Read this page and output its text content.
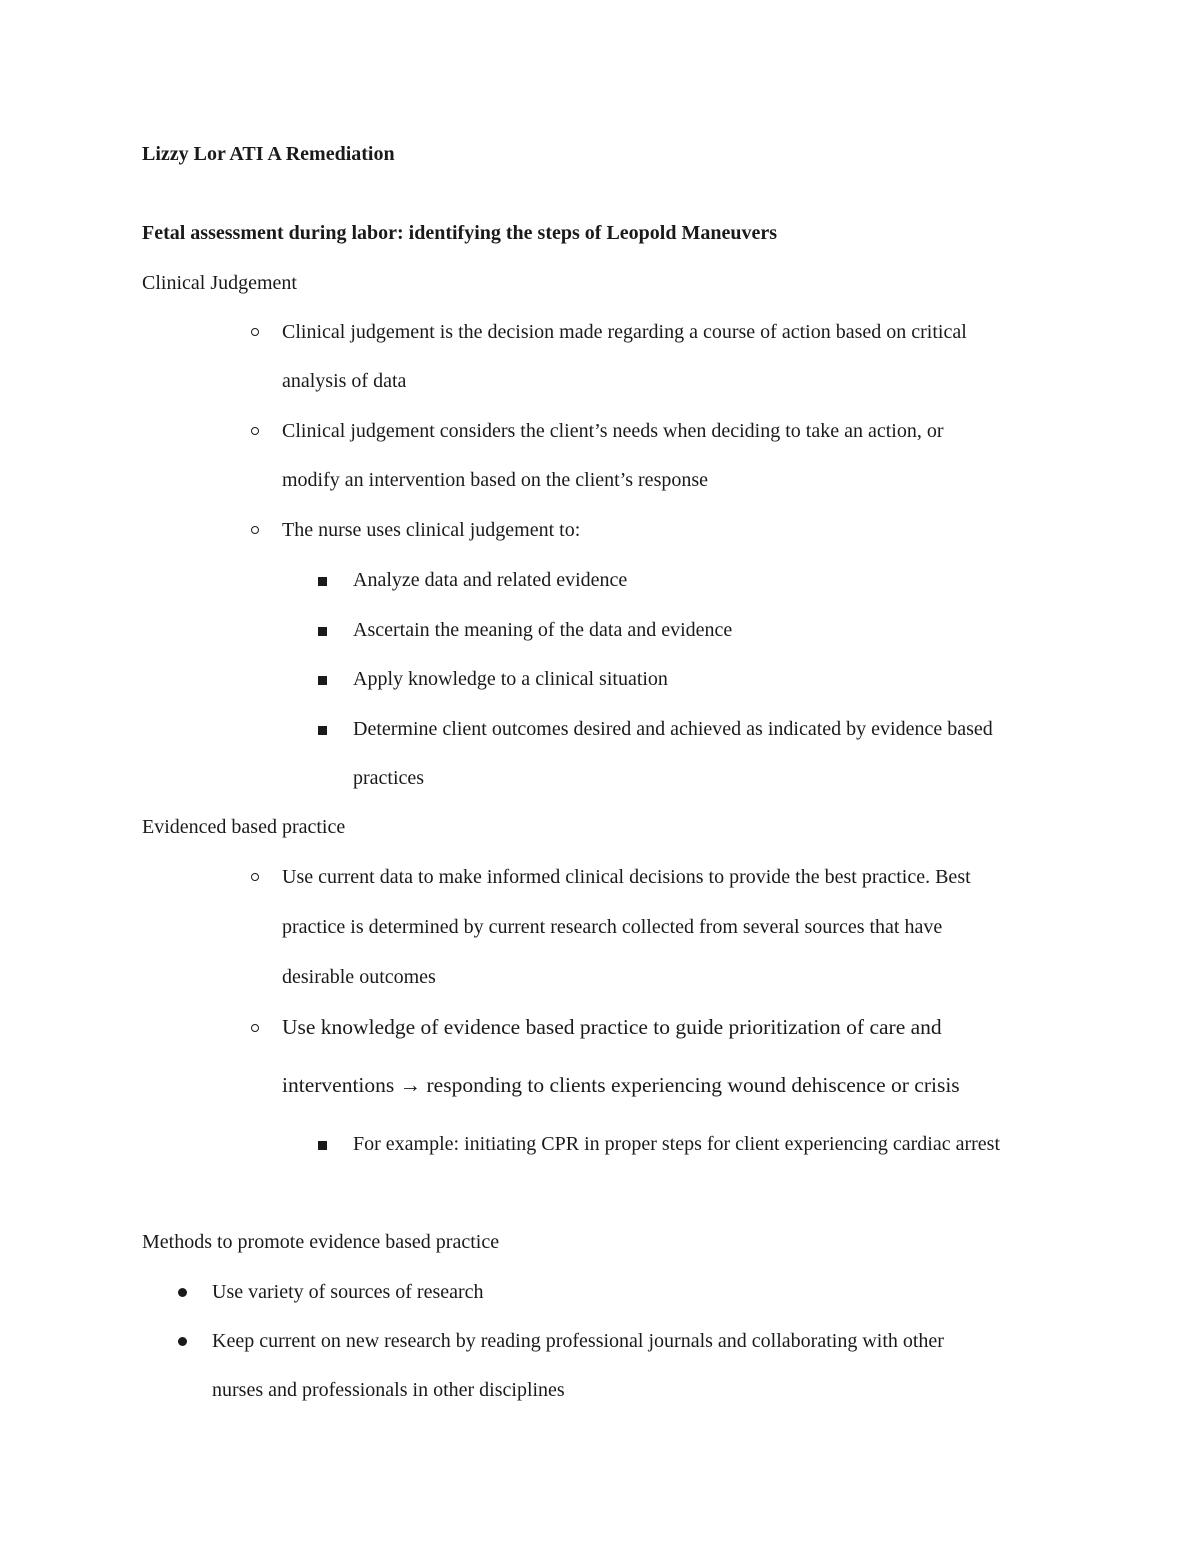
Lizzy Lor ATI A Remediation
Fetal assessment during labor: identifying the steps of Leopold Maneuvers
Clinical Judgement
Clinical judgement is the decision made regarding a course of action based on critical
analysis of data
Clinical judgement considers the client’s needs when deciding to take an action, or
modify an intervention based on the client’s response
The nurse uses clinical judgement to:
Analyze data and related evidence
Ascertain the meaning of the data and evidence
Apply knowledge to a clinical situation
Determine client outcomes desired and achieved as indicated by evidence based
practices
Evidenced based practice
Use current data to make informed clinical decisions to provide the best practice. Best
practice is determined by current research collected from several sources that have
desirable outcomes
Use knowledge of evidence based practice to guide prioritization of care and
interventions → responding to clients experiencing wound dehiscence or crisis
For example: initiating CPR in proper steps for client experiencing cardiac arrest
Methods to promote evidence based practice
Use variety of sources of research
Keep current on new research by reading professional journals and collaborating with other
nurses and professionals in other disciplines
